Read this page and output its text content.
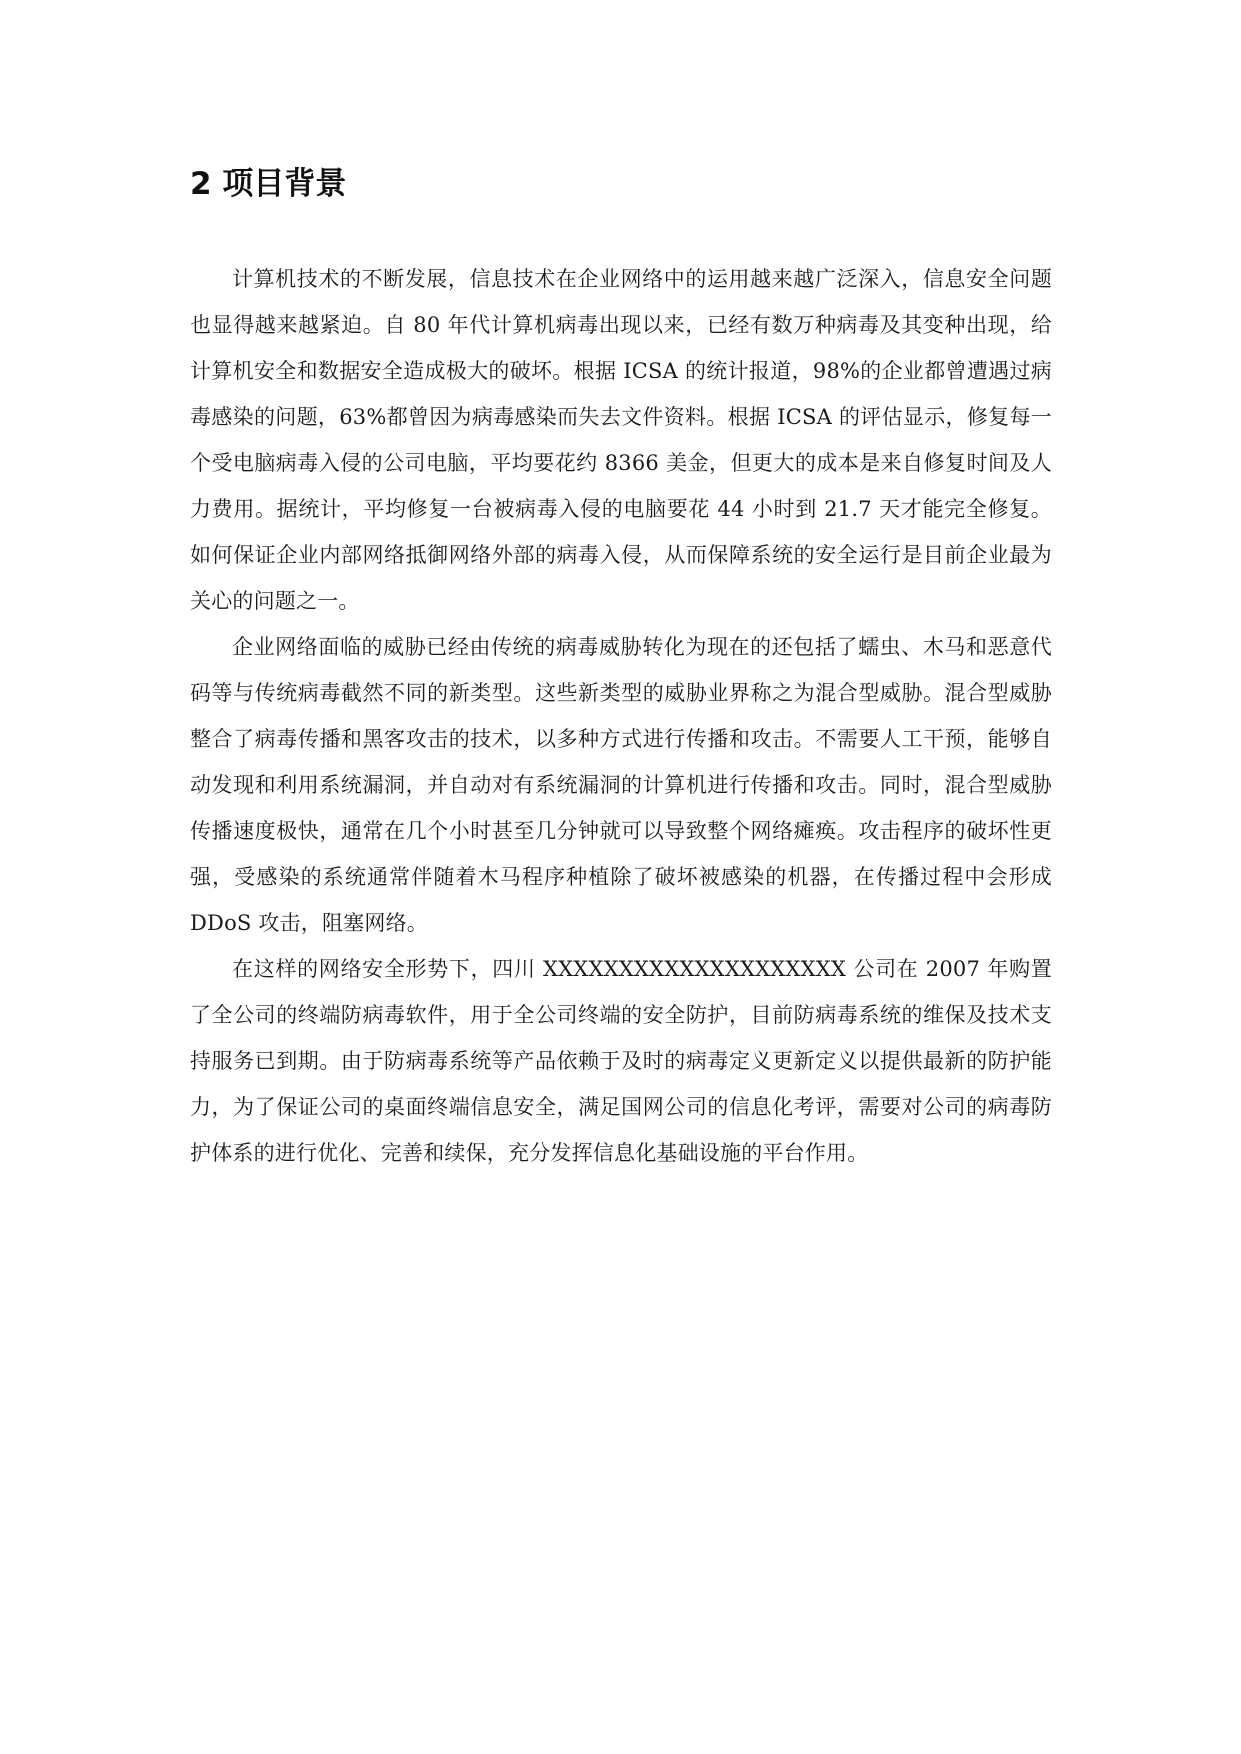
2 项目背景

计算机技术的不断发展，信息技术在企业网络中的运用越来越广泛深入，信息安全问题也显得越来越紧迫。自 80 年代计算机病毒出现以来，已经有数万种病毒及其变种出现，给计算机安全和数据安全造成极大的破坏。根据 ICSA 的统计报道，98%的企业都曾遭遇过病毒感染的问题，63%都曾因为病毒感染而失去文件资料。根据 ICSA 的评估显示，修复每一个受电脑病毒入侵的公司电脑，平均要花约 8366 美金，但更大的成本是来自修复时间及人力费用。据统计，平均修复一台被病毒入侵的电脑要花 44 小时到 21.7 天才能完全修复。如何保证企业内部网络抵御网络外部的病毒入侵，从而保障系统的安全运行是目前企业最为关心的问题之一。

企业网络面临的威胁已经由传统的病毒威胁转化为现在的还包括了蠕虫、木马和恶意代码等与传统病毒截然不同的新类型。这些新类型的威胁业界称之为混合型威胁。混合型威胁整合了病毒传播和黑客攻击的技术，以多种方式进行传播和攻击。不需要人工干预，能够自动发现和利用系统漏洞，并自动对有系统漏洞的计算机进行传播和攻击。同时，混合型威胁传播速度极快，通常在几个小时甚至几分钟就可以导致整个网络瘫痪。攻击程序的破坏性更强，受感染的系统通常伴随着木马程序种植除了破坏被感染的机器，在传播过程中会形成 DDoS 攻击，阻塞网络。

在这样的网络安全形势下，四川 XXXXXXXXXXXXXXXXXXXX 公司在 2007 年购置了全公司的终端防病毒软件，用于全公司终端的安全防护，目前防病毒系统的维保及技术支持服务已到期。由于防病毒系统等产品依赖于及时的病毒定义更新定义以提供最新的防护能力，为了保证公司的桌面终端信息安全，满足国网公司的信息化考评，需要对公司的病毒防护体系的进行优化、完善和续保，充分发挥信息化基础设施的平台作用。
